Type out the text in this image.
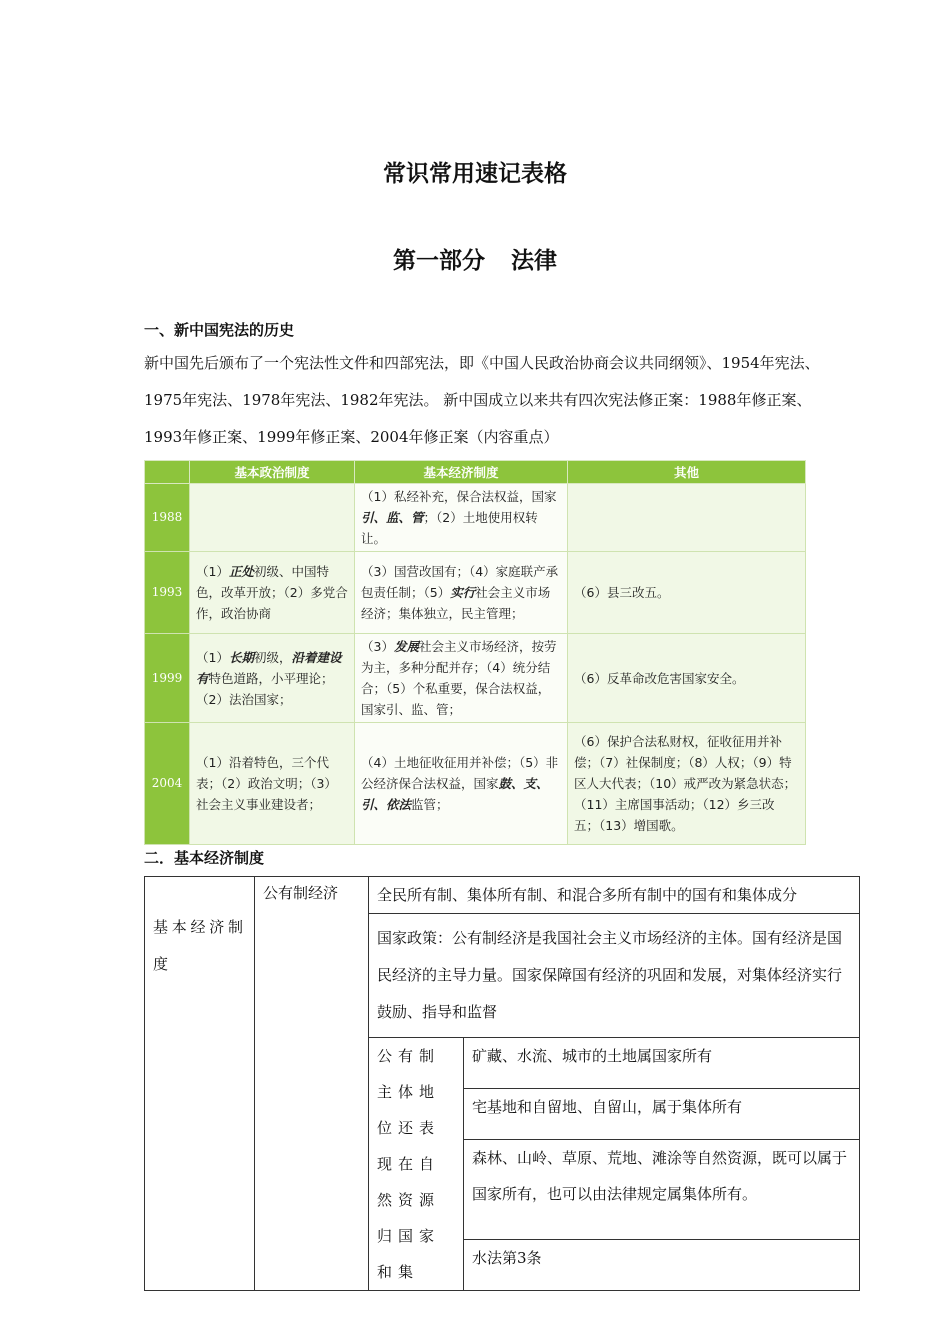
常识常用速记表格
第一部分 法律
一、新中国宪法的历史
新中国先后颁布了一个宪法性文件和四部宪法，即《中国人民政治协商会议共同纲领》、1954年宪法、1975年宪法、1978年宪法、1982年宪法。 新中国成立以来共有四次宪法修正案：1988年修正案、1993年修正案、1999年修正案、2004年修正案（内容重点）
	基本政治制度	基本经济制度	其他
1988		（1）私经补充，保合法权益，国家引、监、管；（2）土地使用权转让。	
1993	（1）正处初级、中国特色，改革开放；（2）多党合作，政治协商	（3）国营改国有；（4）家庭联产承包责任制；（5）实行社会主义市场经济；集体独立，民主管理；	（6）县三改五。
1999	（1）长期初级，沿着建设有特色道路，小平理论；（2）法治国家；	（3）发展社会主义市场经济，按劳为主，多种分配并存；（4）统分结合；（5）个私重要，保合法权益，国家引、监、管；	（6）反革命改危害国家安全。
2004	（1）沿着特色，三个代表；（2）政治文明；（3）社会主义事业建设者；	（4）土地征收征用并补偿；（5）非公经济保合法权益，国家鼓、支、引、依法监管；	（6）保护合法私财权，征收征用并补偿；（7）社保制度；（8）人权；（9）特区人大代表；（10）戒严改为紧急状态；（11）主席国事活动；（12）乡三改五；（13）增国歌。
二．基本经济制度
基本经济制度	公有制经济	全民所有制、集体所有制、和混合多所有制中的国有和集体成分	
		国家政策：公有制经济是我国社会主义市场经济的主体。国有经济是国民经济的主导力量。国家保障国有经济的巩固和发展，对集体经济实行鼓励、指导和监督	
		公有制主体地位还表现在自然资源归国家和集	矿藏、水流、城市的土地属国家所有
			宅基地和自留地、自留山，属于集体所有
			森林、山岭、草原、荒地、滩涂等自然资源，既可以属于国家所有，也可以由法律规定属集体所有。
			水法第3条
